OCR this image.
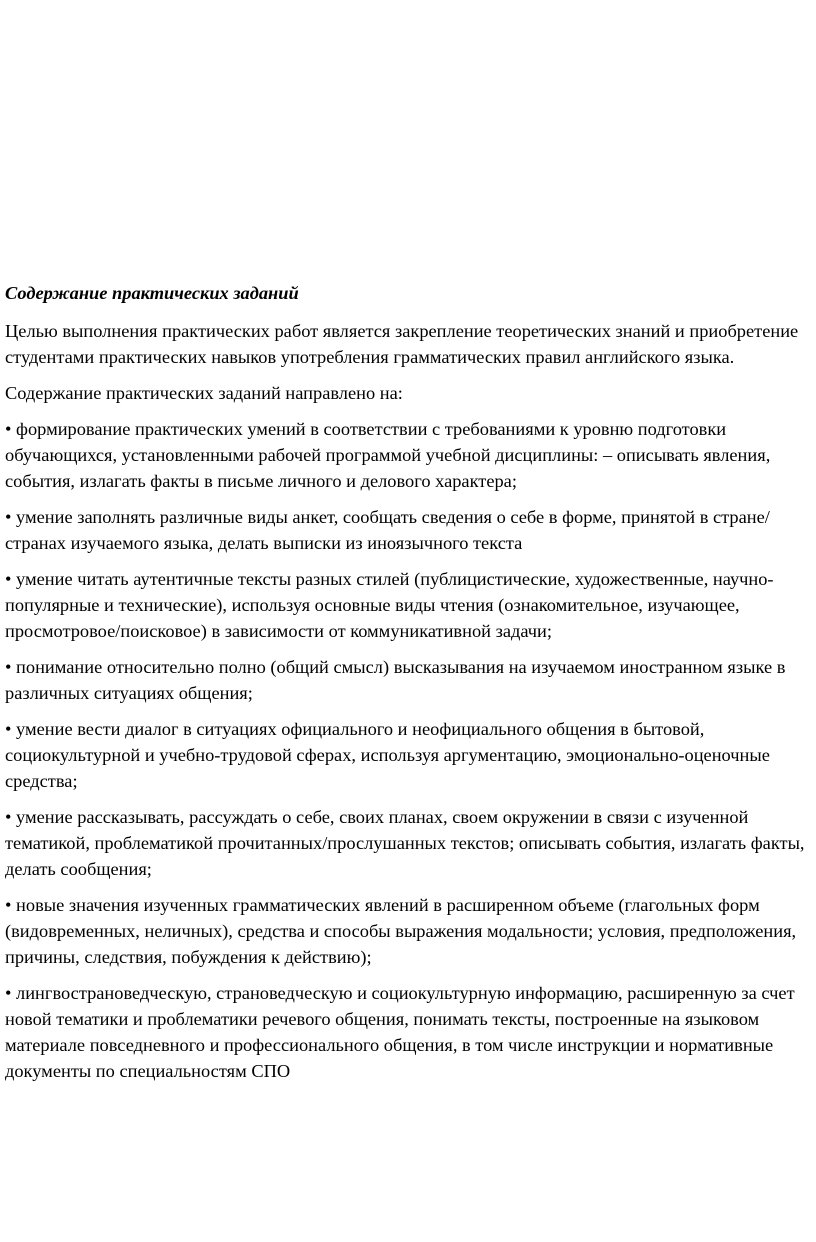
Содержание практических заданий

Целью выполнения практических работ является закрепление теоретических знаний и приобретение студентами практических навыков употребления грамматических правил английского языка.

Содержание практических заданий направлено на:

• формирование практических умений в соответствии с требованиями к уровню подготовки обучающихся, установленными рабочей программой учебной дисциплины: – описывать явления, события, излагать факты в письме личного и делового характера;

• умение заполнять различные виды анкет, сообщать сведения о себе в форме, принятой в стране/странах изучаемого языка, делать выписки из иноязычного текста

• умение читать аутентичные тексты разных стилей (публицистические, художественные, научно-популярные и технические), используя основные виды чтения (ознакомительное, изучающее, просмотровое/поисковое) в зависимости от коммуникативной задачи;

• понимание относительно полно (общий смысл) высказывания на изучаемом иностранном языке в различных ситуациях общения;

• умение вести диалог в ситуациях официального и неофициального общения в бытовой, социокультурной и учебно-трудовой сферах, используя аргументацию, эмоционально-оценочные средства;

• умение рассказывать, рассуждать о себе, своих планах, своем окружении в связи с изученной тематикой, проблематикой прочитанных/прослушанных текстов; описывать события, излагать факты, делать сообщения;

• новые значения изученных грамматических явлений в расширенном объеме (глагольных форм (видовременных, неличных), средства и способы выражения модальности; условия, предположения, причины, следствия, побуждения к действию);

• лингвострановедческую, страноведческую и социокультурную информацию, расширенную за счет новой тематики и проблематики речевого общения, понимать тексты, построенные на языковом материале повседневного и профессионального общения, в том числе инструкции и нормативные документы по специальностям СПО
